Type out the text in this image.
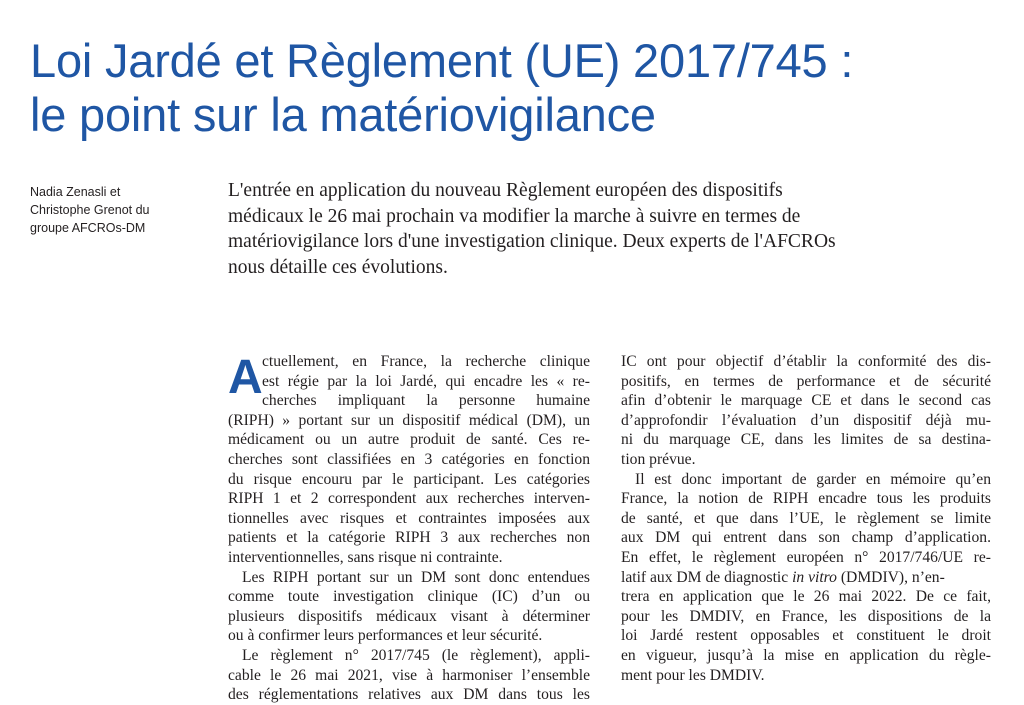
Loi Jardé et Règlement (UE) 2017/745 :
le point sur la matériovigilance
Nadia Zenasli et
Christophe Grenot du
groupe AFCROs-DM
L'entrée en application du nouveau Règlement européen des dispositifs
médicaux le 26 mai prochain va modifier la marche à suivre en termes de
matériovigilance lors d'une investigation clinique. Deux experts de l'AFCROs
nous détaille ces évolutions.
A ctuellement, en France, la recherche clinique
est régie par la loi Jardé, qui encadre les « re-
cherches impliquant la personne humaine
(RIPH) » portant sur un dispositif médical (DM), un
médicament ou un autre produit de santé. Ces re-
cherches sont classifiées en 3 catégories en fonction
du risque encouru par le participant. Les catégories
RIPH 1 et 2 correspondent aux recherches interven-
tionnelles avec risques et contraintes imposées aux
patients et la catégorie RIPH 3 aux recherches non
interventionnelles, sans risque ni contrainte.
Les RIPH portant sur un DM sont donc entendues
comme toute investigation clinique (IC) d’un ou
plusieurs dispositifs médicaux visant à déterminer
ou à confirmer leurs performances et leur sécurité.
Le règlement n° 2017/745 (le règlement), appli-
cable le 26 mai 2021, vise à harmoniser l’ensemble
des réglementations relatives aux DM dans tous les
IC ont pour objectif d’établir la conformité des dis-
positifs, en termes de performance et de sécurité
afin d’obtenir le marquage CE et dans le second cas
d’approfondir l’évaluation d’un dispositif déjà mu-
ni du marquage CE, dans les limites de sa destina-
tion prévue.
Il est donc important de garder en mémoire qu’en
France, la notion de RIPH encadre tous les produits
de santé, et que dans l’UE, le règlement se limite
aux DM qui entrent dans son champ d’application.
En effet, le règlement européen n° 2017/746/UE re-
latif aux DM de diagnostic in vitro (DMDIV), n’en-
trera en application que le 26 mai 2022. De ce fait,
pour les DMDIV, en France, les dispositions de la
loi Jardé restent opposables et constituent le droit
en vigueur, jusqu’à la mise en application du règle-
ment pour les DMDIV.
